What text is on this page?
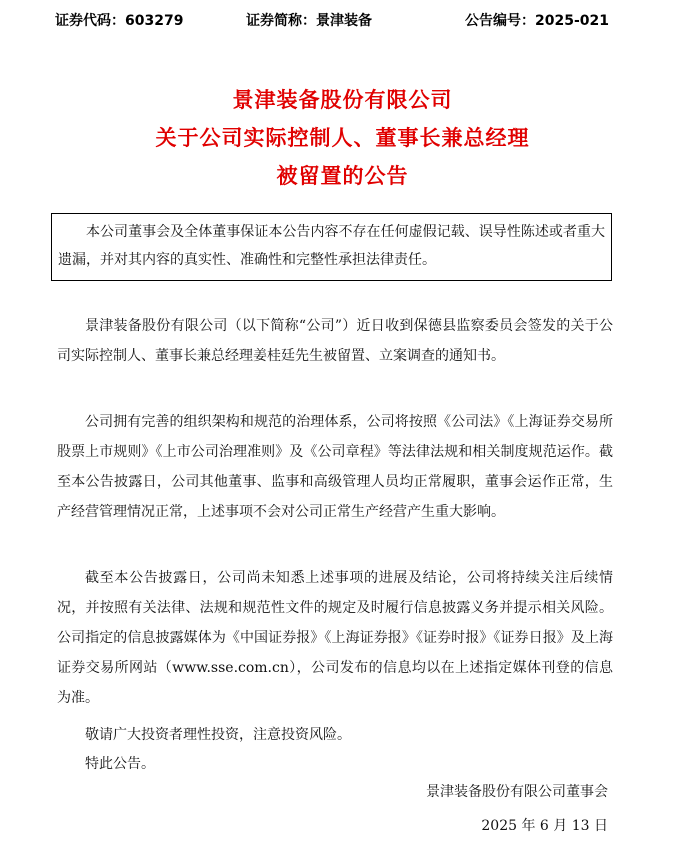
证券代码：603279	证券简称：景津装备	公告编号：2025-021
景津装备股份有限公司
关于公司实际控制人、董事长兼总经理
被留置的公告
本公司董事会及全体董事保证本公告内容不存在任何虚假记载、误导性陈述或者重大遗漏，并对其内容的真实性、准确性和完整性承担法律责任。

景津装备股份有限公司（以下简称“公司”）近日收到保德县监察委员会签发的关于公司实际控制人、董事长兼总经理姜桂廷先生被留置、立案调查的通知书。

公司拥有完善的组织架构和规范的治理体系，公司将按照《公司法》《上海证券交易所股票上市规则》《上市公司治理准则》及《公司章程》等法律法规和相关制度规范运作。截至本公告披露日，公司其他董事、监事和高级管理人员均正常履职，董事会运作正常，生产经营管理情况正常，上述事项不会对公司正常生产经营产生重大影响。

截至本公告披露日，公司尚未知悉上述事项的进展及结论，公司将持续关注后续情况，并按照有关法律、法规和规范性文件的规定及时履行信息披露义务并提示相关风险。公司指定的信息披露媒体为《中国证券报》《上海证券报》《证券时报》《证券日报》及上海证券交易所网站（www.sse.com.cn），公司发布的信息均以在上述指定媒体刊登的信息为准。

敬请广大投资者理性投资，注意投资风险。

特此公告。

景津装备股份有限公司董事会
2025 年 6 月 13 日
